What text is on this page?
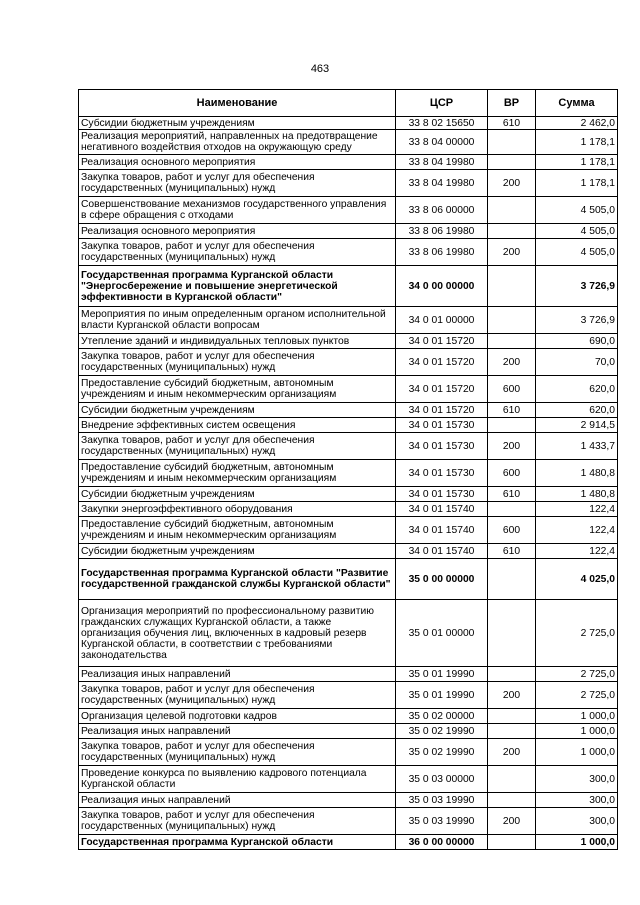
463
Наименование	ЦСР	ВР	Сумма
Субсидии бюджетным учреждениям	33 8 02 15650	610	2 462,0
Реализация мероприятий, направленных на предотвращение негативного воздействия отходов на окружающую среду	33 8 04 00000		1 178,1
Реализация основного мероприятия	33 8 04 19980		1 178,1
Закупка товаров, работ и услуг для обеспечения государственных (муниципальных) нужд	33 8 04 19980	200	1 178,1
Совершенствование механизмов государственного управления в сфере обращения с отходами	33 8 06 00000		4 505,0
Реализация основного мероприятия	33 8 06 19980		4 505,0
Закупка товаров, работ и услуг для обеспечения государственных (муниципальных) нужд	33 8 06 19980	200	4 505,0
Государственная программа Курганской области "Энергосбережение и повышение энергетической эффективности в Курганской области"	34 0 00 00000		3 726,9
Мероприятия по иным определенным органом исполнительной власти Курганской области вопросам	34 0 01 00000		3 726,9
Утепление зданий и индивидуальных тепловых пунктов	34 0 01 15720		690,0
Закупка товаров, работ и услуг для обеспечения государственных (муниципальных) нужд	34 0 01 15720	200	70,0
Предоставление субсидий бюджетным, автономным учреждениям и иным некоммерческим организациям	34 0 01 15720	600	620,0
Субсидии бюджетным учреждениям	34 0 01 15720	610	620,0
Внедрение эффективных систем освещения	34 0 01 15730		2 914,5
Закупка товаров, работ и услуг для обеспечения государственных (муниципальных) нужд	34 0 01 15730	200	1 433,7
Предоставление субсидий бюджетным, автономным учреждениям и иным некоммерческим организациям	34 0 01 15730	600	1 480,8
Субсидии бюджетным учреждениям	34 0 01 15730	610	1 480,8
Закупки энергоэффективного оборудования	34 0 01 15740		122,4
Предоставление субсидий бюджетным, автономным учреждениям и иным некоммерческим организациям	34 0 01 15740	600	122,4
Субсидии бюджетным учреждениям	34 0 01 15740	610	122,4
Государственная программа Курганской области "Развитие государственной гражданской службы Курганской области"	35 0 00 00000		4 025,0
Организация мероприятий по профессиональному развитию гражданских служащих Курганской области, а также организация обучения лиц, включенных в кадровый резерв Курганской области, в соответствии с требованиями законодательства	35 0 01 00000		2 725,0
Реализация иных направлений	35 0 01 19990		2 725,0
Закупка товаров, работ и услуг для обеспечения государственных (муниципальных) нужд	35 0 01 19990	200	2 725,0
Организация целевой подготовки кадров	35 0 02 00000		1 000,0
Реализация иных направлений	35 0 02 19990		1 000,0
Закупка товаров, работ и услуг для обеспечения государственных (муниципальных) нужд	35 0 02 19990	200	1 000,0
Проведение конкурса по выявлению кадрового потенциала Курганской области	35 0 03 00000		300,0
Реализация иных направлений	35 0 03 19990		300,0
Закупка товаров, работ и услуг для обеспечения государственных (муниципальных) нужд	35 0 03 19990	200	300,0
Государственная программа Курганской области	36 0 00 00000		1 000,0
